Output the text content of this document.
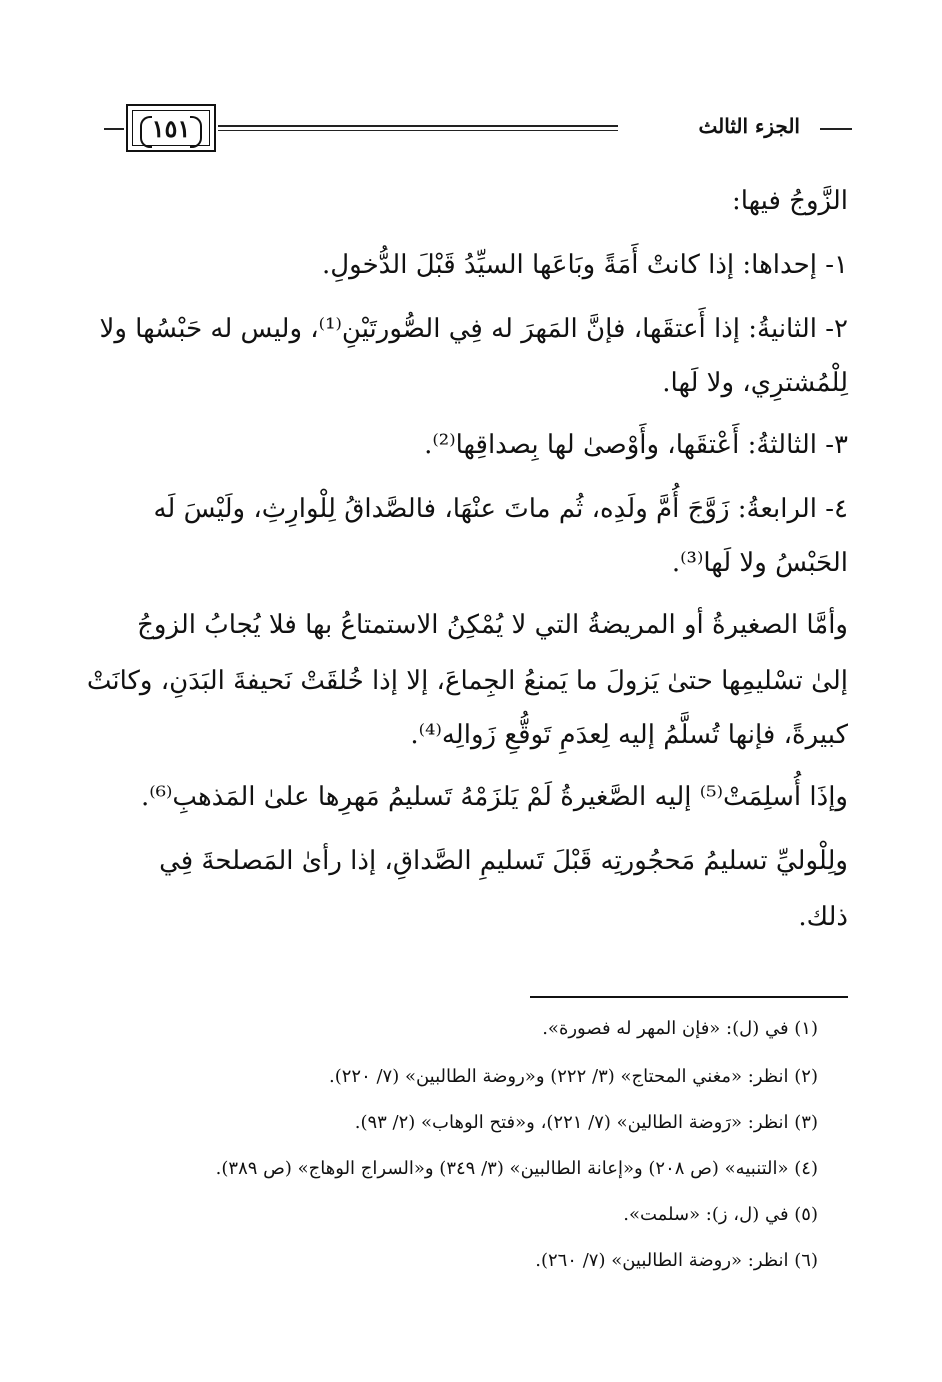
١٥١	الجزء الثالث
الزَّوجُ فيها:
١- إحداها: إذا كانتْ أَمَةً وبَاعَها السيِّدُ قَبْلَ الدُّخولِ.
٢- الثانيةُ: إذا أَعتقَها، فإنَّ المَهرَ له فِي الصُّورتَيْنِ⁽¹⁾، وليس له حَبْسُها ولا
لِلْمُشترِي، ولا لَها.
٣- الثالثةُ: أَعْتقَها، وأَوْصىٰ لها بِصداقِها⁽²⁾.
٤- الرابعةُ: زَوَّجَ أُمَّ ولَدِه، ثُم ماتَ عنْهَا، فالصَّداقُ لِلْوارِثِ، ولَيْسَ لَه
الحَبْسُ ولا لَها⁽³⁾.
وأمَّا الصغيرةُ أو المريضةُ التي لا يُمْكِنُ الاستمتاعُ بها فلا يُجابُ الزوجُ
إلىٰ تسْليمِها حتىٰ يَزولَ ما يَمنعُ الجِماعَ، إلا إذا خُلقَتْ نَحيفةَ البَدَنِ، وكانَتْ
كبيرةً، فإنها تُسلَّمُ إليه لِعدَمِ تَوقُّعِ زَوالِه⁽⁴⁾.
وإذَا أُسلِمَتْ⁽⁵⁾ إليه الصَّغيرةُ لَمْ يَلزَمْهُ تَسليمُ مَهرِها علىٰ المَذهبِ⁽⁶⁾.
ولِلْوليِّ تسليمُ مَحجُورتِه قَبْلَ تَسليمِ الصَّداقِ، إذا رأىٰ المَصلحةَ فِي
ذلك.
(١) في (ل): «فإن المهر له فصورة».
(٢) انظر: «مغني المحتاج» (٣/ ٢٢٢) و«روضة الطالبين» (٧/ ٢٢٠).
(٣) انظر: «رَوضة الطالين» (٧/ ٢٢١)، و«فتح الوهاب» (٢/ ٩٣).
(٤) «التنبيه» (ص ٢٠٨) و«إعانة الطالبين» (٣/ ٣٤٩) و«السراج الوهاج» (ص ٣٨٩).
(٥) في (ل، ز): «سلمت».
(٦) انظر: «روضة الطالبين» (٧/ ٢٦٠).
